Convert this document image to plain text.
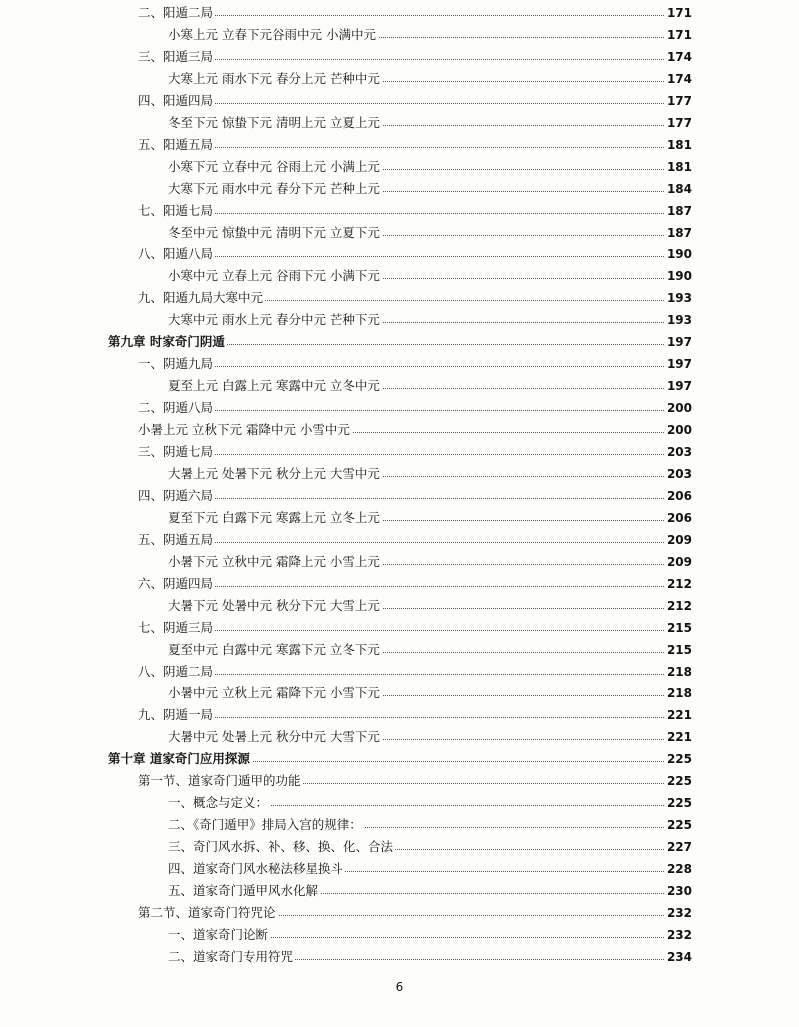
二、阳遁二局	171
小寒上元 立春下元谷雨中元 小满中元	171
三、阳遁三局	174
大寒上元 雨水下元 春分上元 芒种中元	174
四、阳遁四局	177
冬至下元 惊蛰下元 清明上元 立夏上元	177
五、阳遁五局	181
小寒下元 立春中元 谷雨上元 小满上元	181
大寒下元 雨水中元 春分下元 芒种上元	184
七、阳遁七局	187
冬至中元 惊蛰中元 清明下元 立夏下元	187
八、阳遁八局	190
小寒中元 立春上元 谷雨下元 小满下元	190
九、阳遁九局大寒中元	193
大寒中元 雨水上元 春分中元 芒种下元	193
第九章 时家奇门阴遁	197
一、阴遁九局	197
夏至上元 白露上元 寒露中元 立冬中元	197
二、阴遁八局	200
小暑上元 立秋下元 霜降中元 小雪中元	200
三、阴遁七局	203
大暑上元 处暑下元 秋分上元 大雪中元	203
四、阴遁六局	206
夏至下元 白露下元 寒露上元 立冬上元	206
五、阴遁五局	209
小暑下元 立秋中元 霜降上元 小雪上元	209
六、阴遁四局	212
大暑下元 处暑中元 秋分下元 大雪上元	212
七、阴遁三局	215
夏至中元 白露中元 寒露下元 立冬下元	215
八、阴遁二局	218
小暑中元 立秋上元 霜降下元 小雪下元	218
九、阴遁一局	221
大暑中元 处暑上元 秋分中元 大雪下元	221
第十章 道家奇门应用探源	225
第一节、道家奇门遁甲的功能	225
一、概念与定义：	225
二、《奇门遁甲》排局入宫的规律：	225
三、奇门风水拆、补、移、换、化、合法	227
四、道家奇门风水秘法移星换斗	228
五、道家奇门遁甲风水化解	230
第二节、道家奇门符咒论	232
一、道家奇门论断	232
二、道家奇门专用符咒	234
6
